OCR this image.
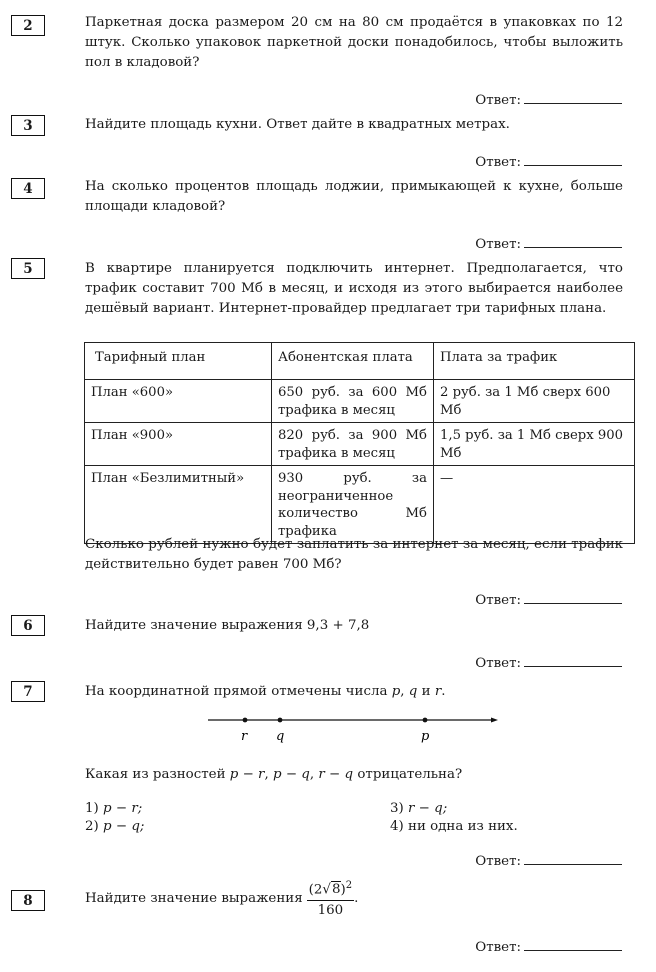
2	Паркетная доска размером 20 см на 80 см продаётся в упаковках по 12 штук. Сколько упаковок паркетной доски понадобилось, чтобы выложить пол в кладовой?
Ответ:
3	Найдите площадь кухни. Ответ дайте в квадратных метрах.
Ответ:
4	На сколько процентов площадь лоджии, примыкающей к кухне, больше площади кладовой?
Ответ:
5	В квартире планируется подключить интернет. Предполагается, что трафик составит 700 Мб в месяц, и исходя из этого выбирается наиболее дешёвый вариант. Интернет-провайдер предлагает три тарифных плана.
Тарифный план	Абонентская плата	Плата за трафик
План «600»	650 руб. за 600 Мб трафика в месяц	2 руб. за 1 Мб сверх 600 Мб
План «900»	820 руб. за 900 Мб трафика в месяц	1,5 руб. за 1 Мб сверх 900 Мб
План «Безлимитный»	930 руб. за неограниченное количество Мб трафика	—
Сколько рублей нужно будет заплатить за интернет за месяц, если трафик действительно будет равен 700 Мб?
Ответ:
6	Найдите значение выражения 9,3 + 7,8
Ответ:
7	На координатной прямой отмечены числа p, q и r.
r q	p
Какая из разностей p − r, p − q, r − q отрицательна?
1) p − r;
2) p − q;
3) r − q;
4) ни одна из них.
Ответ:
8	Найдите значение выражения $\frac{(2√8)^2}{160}$ .
Ответ:
